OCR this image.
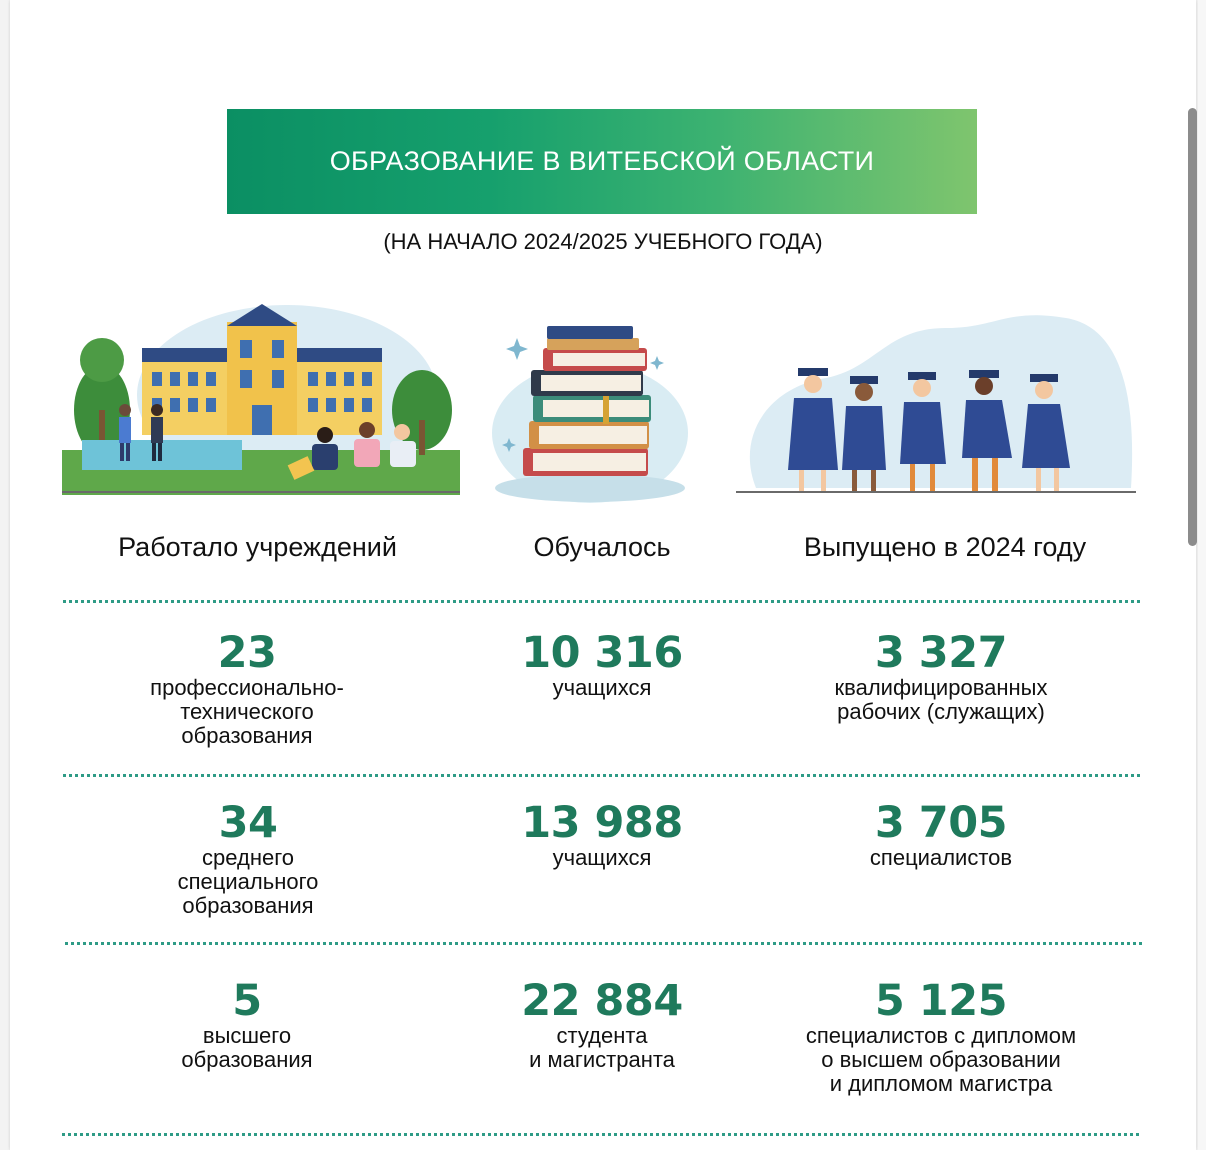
ОБРАЗОВАНИЕ В ВИТЕБСКОЙ ОБЛАСТИ
(НА НАЧАЛО 2024/2025 УЧЕБНОГО ГОДА)
Работало учреждений	Обучалось	Выпущено в 2024 году
23
профессионально-
технического
образования
10 316
учащихся
3 327
квалифицированных
рабочих (служащих)
34
среднего
специального
образования
13 988
учащихся
3 705
специалистов
5
высшего
образования
22 884
студента
и магистранта
5 125
специалистов с дипломом
о высшем образовании
и дипломом магистра
